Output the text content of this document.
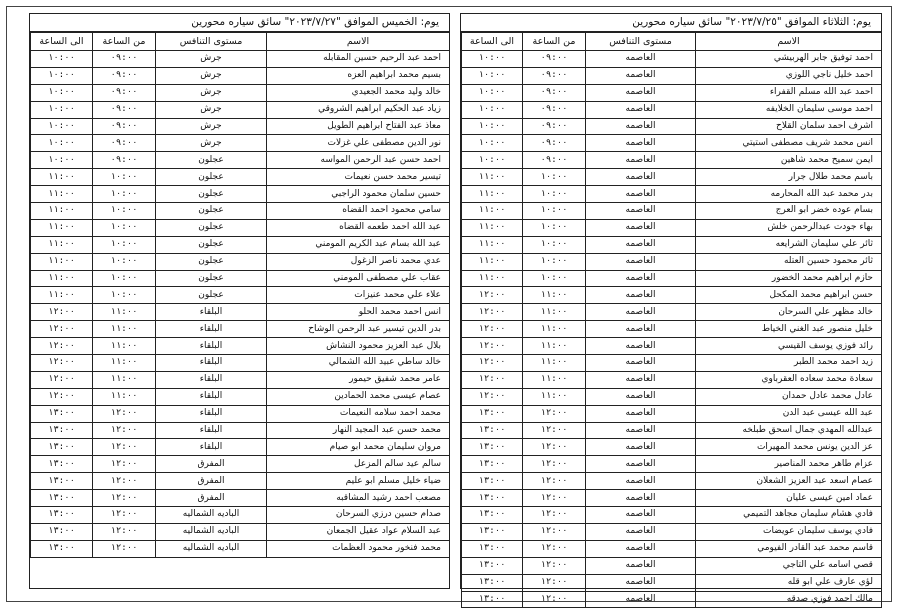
يوم: الخميس الموافق "٢٠٢٣/٧/٢٧" سائق سياره محورين
الاسم	مستوى التنافس	من الساعة	الى الساعة
احمد عبد الرحيم حسين المقابله	جرش	٠٩:٠٠	١٠:٠٠
بسيم محمد ابراهيم العزه	جرش	٠٩:٠٠	١٠:٠٠
خالد وليد محمد الجعيدي	جرش	٠٩:٠٠	١٠:٠٠
زياد عبد الحكيم ابراهيم الشروقي	جرش	٠٩:٠٠	١٠:٠٠
معاذ عبد الفتاح ابراهيم الطويل	جرش	٠٩:٠٠	١٠:٠٠
نور الدين مصطفى علي غزلات	جرش	٠٩:٠٠	١٠:٠٠
احمد حسن عبد الرحمن المواسه	عجلون	٠٩:٠٠	١٠:٠٠
تيسير محمد حسن نعيمات	عجلون	١٠:٠٠	١١:٠٠
حسين سلمان محمود الراجبي	عجلون	١٠:٠٠	١١:٠٠
سامي محمود احمد القضاه	عجلون	١٠:٠٠	١١:٠٠
عبد الله احمد طعمه القضاه	عجلون	١٠:٠٠	١١:٠٠
عبد الله بسام عبد الكريم المومني	عجلون	١٠:٠٠	١١:٠٠
عدي محمد ناصر الزغول	عجلون	١٠:٠٠	١١:٠٠
عقاب علي مصطفى المومني	عجلون	١٠:٠٠	١١:٠٠
علاء علي محمد عنيزات	عجلون	١٠:٠٠	١١:٠٠
انس احمد محمد الحلو	البلقاء	١١:٠٠	١٢:٠٠
بدر الدين تيسير عبد الرحمن الوشاح	البلقاء	١١:٠٠	١٢:٠٠
بلال عبد العزيز محمود النشاش	البلقاء	١١:٠٠	١٢:٠٠
خالد ساطي عبيد الله الشمالي	البلقاء	١١:٠٠	١٢:٠٠
عامر محمد شفيق حيمور	البلقاء	١١:٠٠	١٢:٠٠
عصام عيسى محمد الحمادين	البلقاء	١١:٠٠	١٢:٠٠
محمد احمد سلامه النعيمات	البلقاء	١٢:٠٠	١٣:٠٠
محمد حسن عبد المجيد النهار	البلقاء	١٢:٠٠	١٣:٠٠
مروان سليمان محمد ابو صيام	البلقاء	١٢:٠٠	١٣:٠٠
سالم عيد سالم المزعل	المفرق	١٢:٠٠	١٣:٠٠
ضياء خليل مسلم ابو عليم	المفرق	١٢:٠٠	١٣:٠٠
مصعب احمد رشيد المشاقبه	المفرق	١٢:٠٠	١٣:٠٠
صدام حسين درزي السرحان	الباديه الشماليه	١٢:٠٠	١٣:٠٠
عبد السلام عواد عقيل الجمعان	الباديه الشماليه	١٢:٠٠	١٣:٠٠
محمد فنخور محمود العظمات	الباديه الشماليه	١٢:٠٠	١٣:٠٠
يوم: الثلاثاء الموافق "٢٠٢٣/٧/٢٥" سائق سياره محورين
الاسم	مستوى التنافس	من الساعة	الى الساعة
احمد توفيق جابر الهربيشي	العاصمه	٠٩:٠٠	١٠:٠٠
احمد خليل ناجي اللوزي	العاصمه	٠٩:٠٠	١٠:٠٠
احمد عبد الله مسلم القفراء	العاصمه	٠٩:٠٠	١٠:٠٠
احمد موسى سليمان الخلايفه	العاصمه	٠٩:٠٠	١٠:٠٠
اشرف احمد سلمان القلاح	العاصمه	٠٩:٠٠	١٠:٠٠
انس محمد شريف مصطفى استيتي	العاصمه	٠٩:٠٠	١٠:٠٠
ايمن سميح محمد شاهين	العاصمه	٠٩:٠٠	١٠:٠٠
باسم محمد طلال جرار	العاصمه	١٠:٠٠	١١:٠٠
بدر محمد عبد الله المحارمه	العاصمه	١٠:٠٠	١١:٠٠
بسام عوده خضر ابو العرج	العاصمه	١٠:٠٠	١١:٠٠
بهاء جودت عبدالرحمن خلش	العاصمه	١٠:٠٠	١١:٠٠
ثائر علي سليمان الشرايعه	العاصمه	١٠:٠٠	١١:٠٠
ثائر محمود حسين العتله	العاصمه	١٠:٠٠	١١:٠٠
حازم ابراهيم محمد الخضور	العاصمه	١٠:٠٠	١١:٠٠
حسن ابراهيم محمد المكحل	العاصمه	١١:٠٠	١٢:٠٠
خالد مظهر علي السرحان	العاصمه	١١:٠٠	١٢:٠٠
خليل منصور عبد الغني الخياط	العاصمه	١١:٠٠	١٢:٠٠
رائد فوزي يوسف القيسي	العاصمه	١١:٠٠	١٢:٠٠
زيد احمد محمد الطبر	العاصمه	١١:٠٠	١٢:٠٠
سعادة محمد سعاده العقرباوي	العاصمه	١١:٠٠	١٢:٠٠
عادل محمد عادل حمدان	العاصمه	١١:٠٠	١٢:٠٠
عبد الله عيسى عبد الدن	العاصمه	١٢:٠٠	١٣:٠٠
عبدالله المهدي جمال اسحق طبلخه	العاصمه	١٢:٠٠	١٣:٠٠
عز الدين يونس محمد المهيرات	العاصمه	١٢:٠٠	١٣:٠٠
عزام طاهر محمد المناصير	العاصمه	١٢:٠٠	١٣:٠٠
عصام اسعد عبد العزيز الشعلان	العاصمه	١٢:٠٠	١٣:٠٠
عماد امين عيسى عليان	العاصمه	١٢:٠٠	١٣:٠٠
فادي هشام سليمان مجاهد التميمي	العاصمه	١٢:٠٠	١٣:٠٠
فادي يوسف سليمان عويضات	العاصمه	١٢:٠٠	١٣:٠٠
قاسم محمد عبد القادر الفيومي	العاصمه	١٢:٠٠	١٣:٠٠
قصي اسامه علي التاجي	العاصمه	١٢:٠٠	١٣:٠٠
لؤي عارف علي ابو قله	العاصمه	١٢:٠٠	١٣:٠٠
مالك احمد فوزي صدقه	العاصمه	١٢:٠٠	١٣:٠٠
